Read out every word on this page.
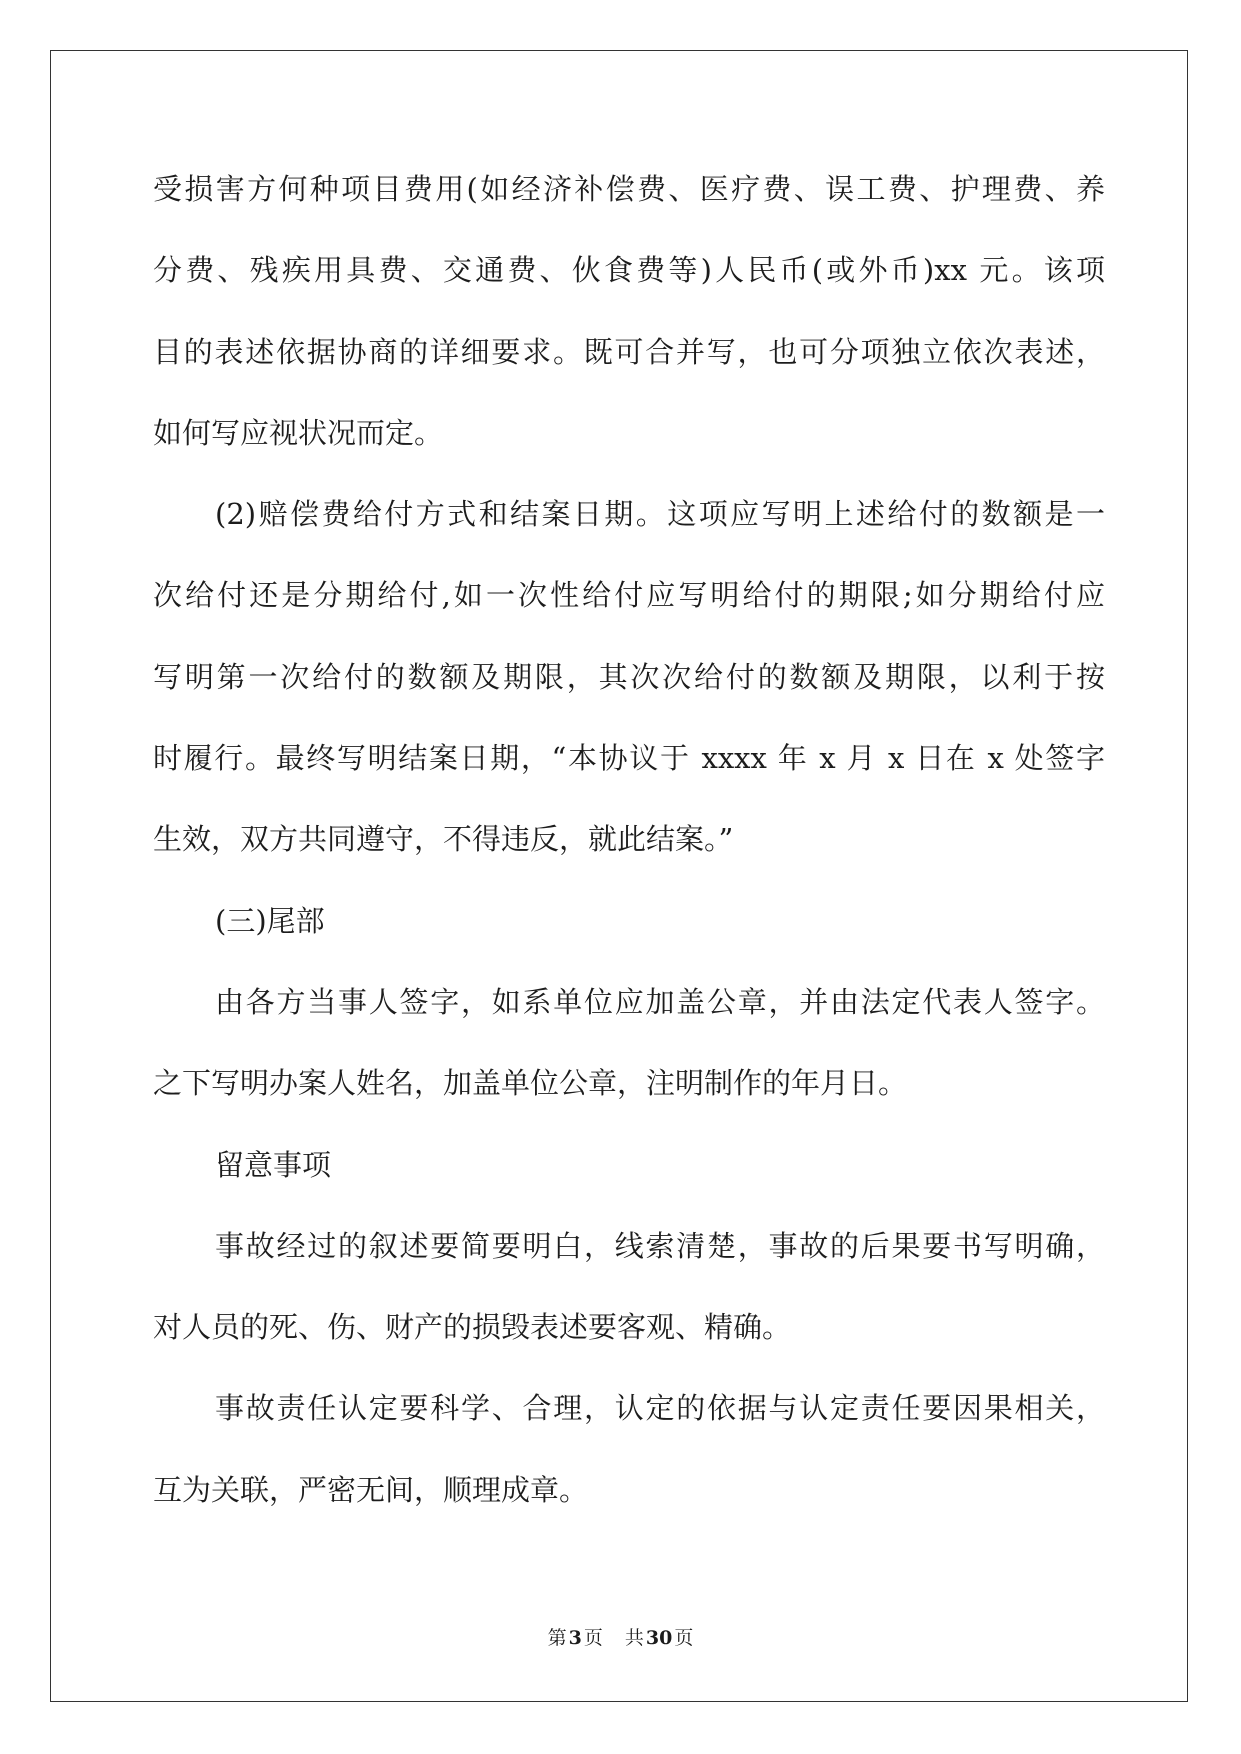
受损害方何种项目费用(如经济补偿费、医疗费、误工费、护理费、养
分费、残疾用具费、交通费、伙食费等)人民币(或外币)xx 元。该项
目的表述依据协商的详细要求。既可合并写，也可分项独立依次表述，
如何写应视状况而定。
(2)赔偿费给付方式和结案日期。这项应写明上述给付的数额是一
次给付还是分期给付,如一次性给付应写明给付的期限;如分期给付应
写明第一次给付的数额及期限，其次次给付的数额及期限，以利于按
时履行。最终写明结案日期，“本协议于 xxxx 年 x 月 x 日在 x 处签字
生效，双方共同遵守，不得违反，就此结案。”
(三)尾部
由各方当事人签字，如系单位应加盖公章，并由法定代表人签字。
之下写明办案人姓名，加盖单位公章，注明制作的年月日。
留意事项
事故经过的叙述要简要明白，线索清楚，事故的后果要书写明确，
对人员的死、伤、财产的损毁表述要客观、精确。
事故责任认定要科学、合理，认定的依据与认定责任要因果相关，
互为关联，严密无间，顺理成章。
第 3 页 共 30 页
